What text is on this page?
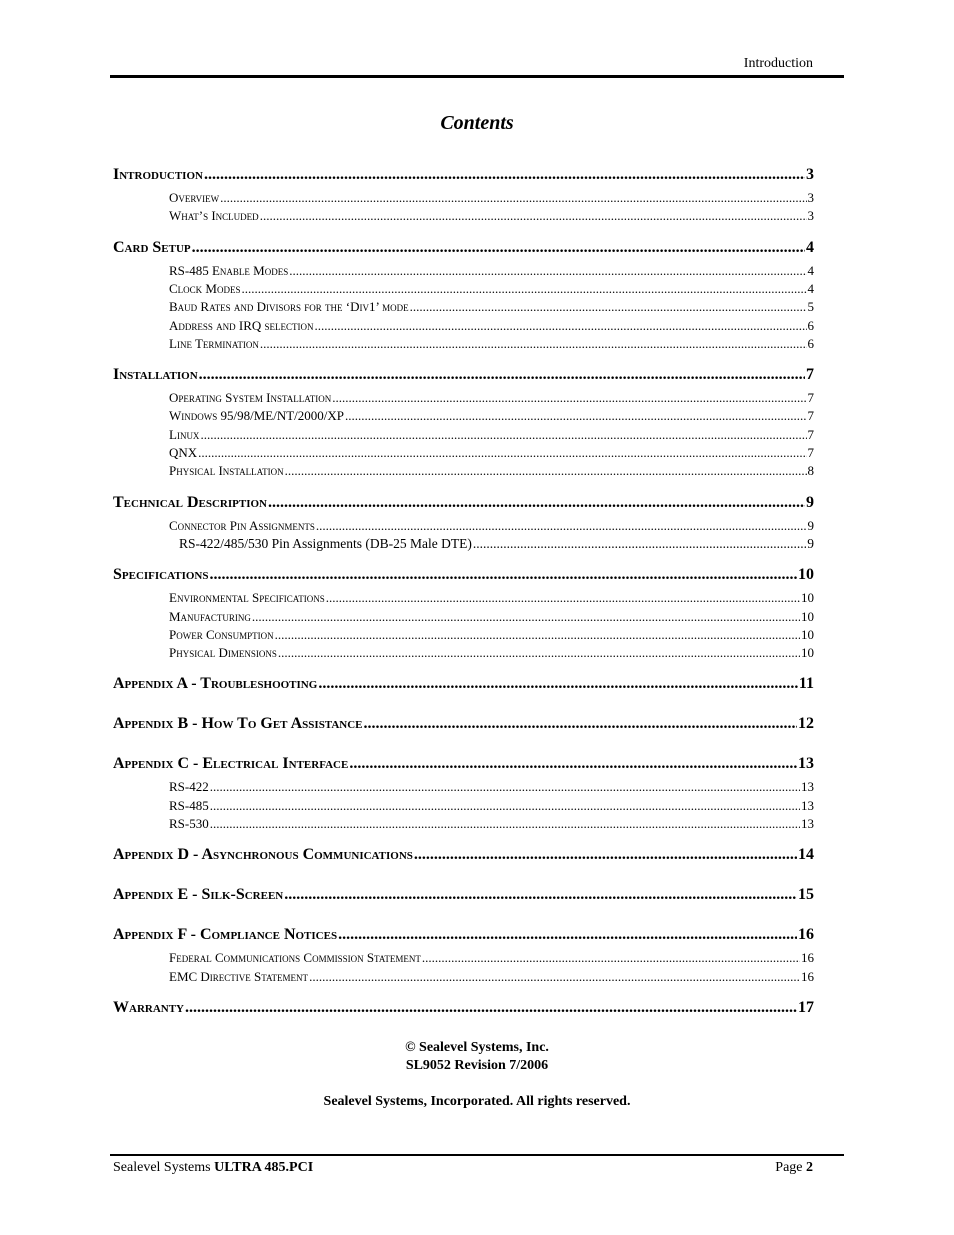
Introduction
Contents
Introduction .....	3
Overview .....	3
What’s Included .....	3
Card Setup .....	4
RS-485 Enable Modes .....	4
Clock Modes .....	4
Baud Rates and Divisors for the ‘Div1’ mode .....	5
Address and IRQ selection .....	6
Line Termination .....	6
Installation .....	7
Operating System Installation .....	7
Windows 95/98/ME/NT/2000/XP .....	7
Linux .....	7
QNX .....	7
Physical Installation .....	8
Technical Description .....	9
Connector Pin Assignments .....	9
RS-422/485/530 Pin Assignments (DB-25 Male DTE) .....	9
Specifications .....	10
Environmental Specifications .....	10
Manufacturing .....	10
Power Consumption .....	10
Physical Dimensions .....	10
Appendix A - Troubleshooting .....	11
Appendix B - How To Get Assistance .....	12
Appendix C - Electrical Interface .....	13
RS-422 .....	13
RS-485 .....	13
RS-530 .....	13
Appendix D - Asynchronous Communications .....	14
Appendix E - Silk-Screen .....	15
Appendix F - Compliance Notices .....	16
Federal Communications Commission Statement .....	16
EMC Directive Statement .....	16
Warranty .....	17
© Sealevel Systems, Inc.
SL9052 Revision 7/2006
Sealevel Systems, Incorporated. All rights reserved.
Sealevel Systems ULTRA 485.PCI	Page 2
